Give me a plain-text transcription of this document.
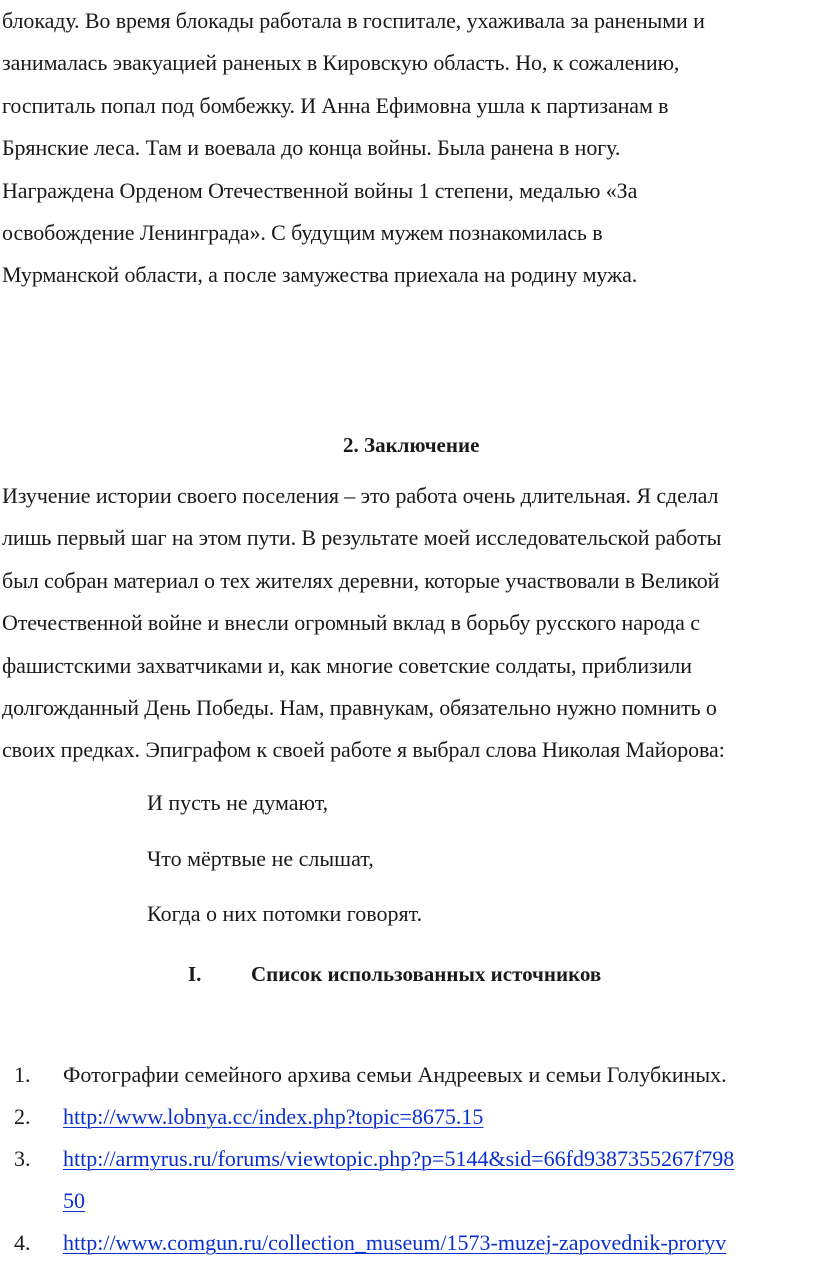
блокаду. Во время блокады работала в госпитале, ухаживала за ранеными и
занималась эвакуацией раненых в Кировскую область. Но, к сожалению,
госпиталь попал под бомбежку. И Анна Ефимовна ушла к партизанам в
Брянские леса. Там и воевала до конца войны. Была ранена в ногу.
Награждена Орденом Отечественной войны 1 степени, медалью «За
освобождение Ленинграда». С будущим мужем познакомилась в
Мурманской области, а после замужества приехала на родину мужа.
2. Заключение
Изучение истории своего поселения – это работа очень длительная. Я сделал
лишь первый шаг на этом пути. В результате моей исследовательской работы
был собран материал о тех жителях деревни, которые участвовали в Великой
Отечественной войне и внесли огромный вклад в борьбу русского народа с
фашистскими захватчиками и, как многие советские солдаты, приблизили
долгожданный День Победы. Нам, правнукам, обязательно нужно помнить о
своих предках. Эпиграфом к своей работе я выбрал слова Николая Майорова:
И пусть не думают,
Что мёртвые не слышат,
Когда о них потомки говорят.
I. Список использованных источников
1. Фотографии семейного архива семьи Андреевых и семьи Голубкиных.
2. http://www.lobnya.cc/index.php?topic=8675.15
3. http://armyrus.ru/forums/viewtopic.php?p=5144&sid=66fd9387355267f798
50
4. http://www.comgun.ru/collection_museum/1573-muzej-zapovednik-proryv
